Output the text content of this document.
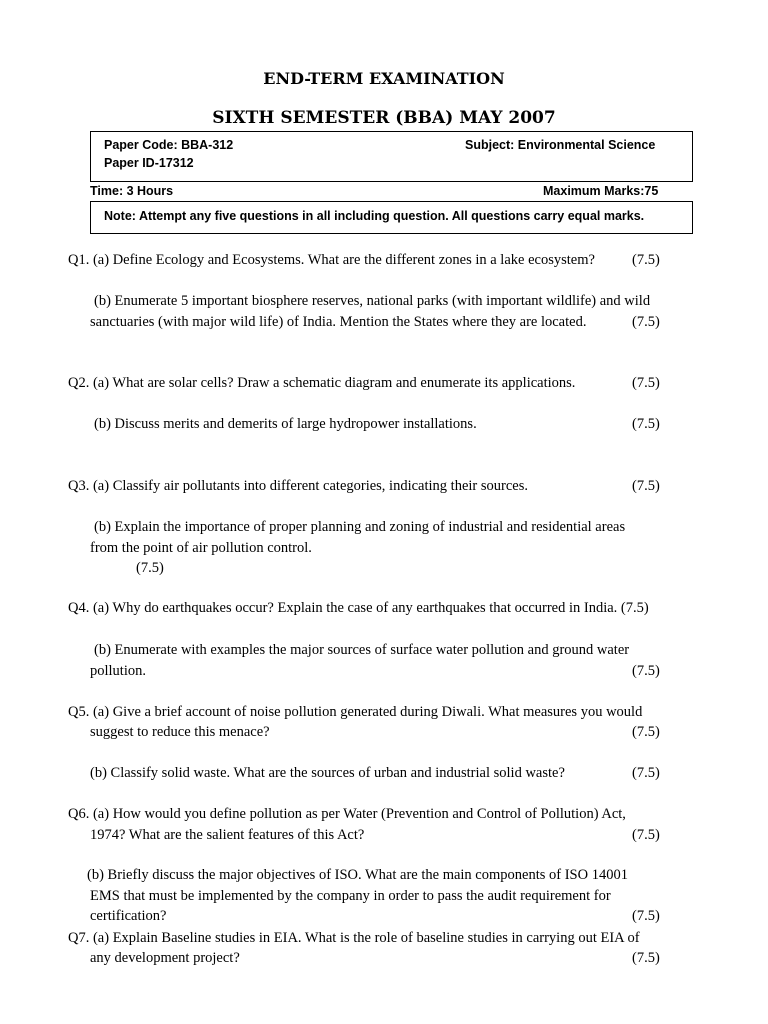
END-TERM EXAMINATION
SIXTH SEMESTER (BBA) MAY 2007
Paper Code: BBA-312
Paper ID-17312
Subject: Environmental Science
Time: 3 Hours	Maximum Marks:75
Note: Attempt any five questions in all including question. All questions carry equal marks.
Q1. (a) Define Ecology and Ecosystems. What are the different zones in a lake ecosystem?	(7.5)
(b) Enumerate 5 important biosphere reserves, national parks (with important wildlife) and wild
sanctuaries (with major wild life) of India. Mention the States where they are located.	(7.5)
Q2. (a) What are solar cells? Draw a schematic diagram and enumerate its applications.	(7.5)
(b) Discuss merits and demerits of large hydropower installations.	(7.5)
Q3. (a) Classify air pollutants into different categories, indicating their sources.	(7.5)
(b) Explain the importance of proper planning and zoning of industrial and residential areas
from the point of air pollution control.
(7.5)
Q4. (a) Why do earthquakes occur? Explain the case of any earthquakes that occurred in India. (7.5)
(b) Enumerate with examples the major sources of surface water pollution and ground water
pollution.	(7.5)
Q5. (a) Give a brief account of noise pollution generated during Diwali. What measures you would
suggest to reduce this menace?	(7.5)
(b) Classify solid waste. What are the sources of urban and industrial solid waste?	(7.5)
Q6. (a) How would you define pollution as per Water (Prevention and Control of Pollution) Act,
1974? What are the salient features of this Act?	(7.5)
(b) Briefly discuss the major objectives of ISO. What are the main components of ISO 14001
EMS that must be implemented by the company in order to pass the audit requirement for
certification?	(7.5)
Q7. (a) Explain Baseline studies in EIA. What is the role of baseline studies in carrying out EIA of
any development project?	(7.5)
